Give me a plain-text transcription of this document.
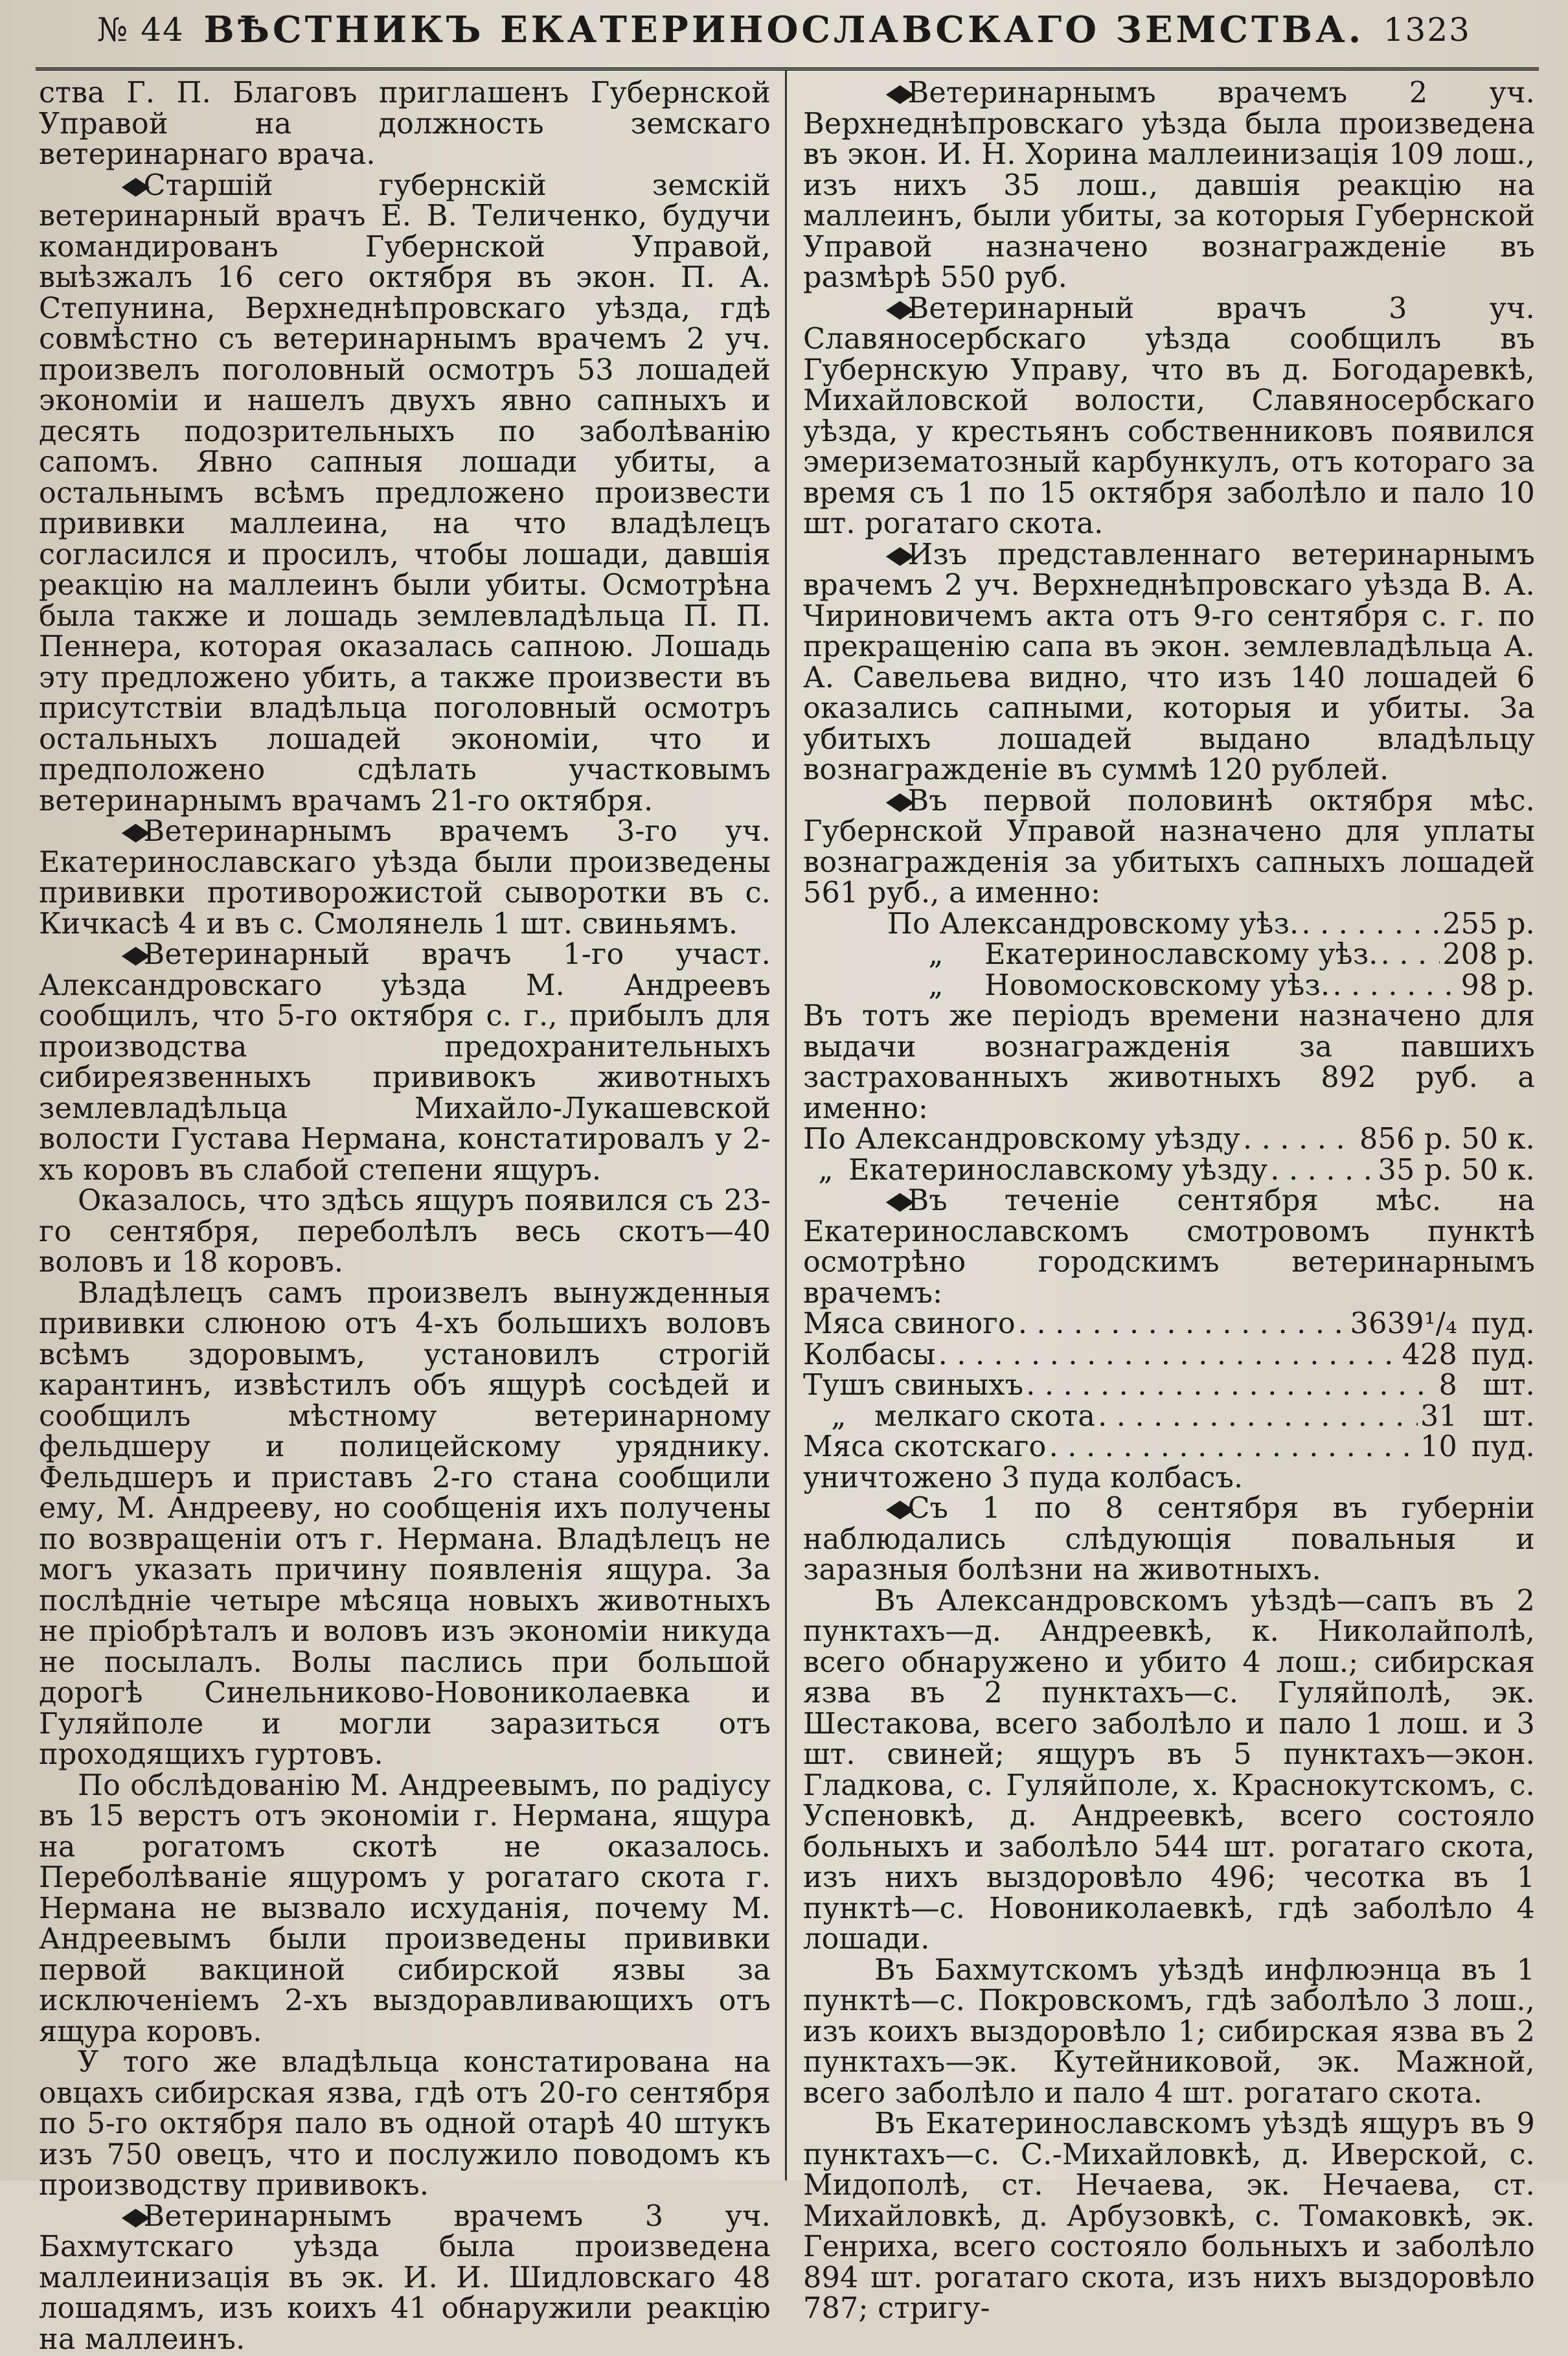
№ 44 ВѢСТНИКЪ ЕКАТЕРИНОСЛАВСКАГО ЗЕМСТВА. 1323

ства Г. П. Благовъ приглашенъ Губернской Управой на должность земскаго ветеринарнаго врача.

◆ Старшій губернскій земскій ветеринарный врачъ Е. В. Теличенко, будучи командированъ Губернской Управой, выѣзжалъ 16 сего октября въ экон. П. А. Степунина, Верхнеднѣпровскаго уѣзда, гдѣ совмѣстно съ ветеринарнымъ врачемъ 2 уч. произвелъ поголовный осмотръ 53 лошадей экономіи и нашелъ двухъ явно сапныхъ и десять подозрительныхъ по заболѣванію сапомъ. Явно сапныя лошади убиты, а остальнымъ всѣмъ предложено произвести прививки маллеина, на что владѣлецъ согласился и просилъ, чтобы лошади, давшія реакцію на маллеинъ были убиты. Осмотрѣна была также и лошадь землевладѣльца П. П. Пеннера, которая оказалась сапною. Лошадь эту предложено убить, а также произвести въ присутствіи владѣльца поголовный осмотръ остальныхъ лошадей экономіи, что и предположено сдѣлать участковымъ ветеринарнымъ врачамъ 21-го октября.

◆ Ветеринарнымъ врачемъ 3-го уч. Екатеринославскаго уѣзда были произведены прививки противорожистой сыворотки въ с. Кичкасѣ 4 и въ с. Смолянель 1 шт. свиньямъ.

◆ Ветеринарный врачъ 1-го участ. Александровскаго уѣзда М. Андреевъ сообщилъ, что 5-го октября с. г., прибылъ для производства предохранительныхъ сибиреязвенныхъ прививокъ животныхъ землевладѣльца Михайло-Лукашевской волости Густава Нермана, констатировалъ у 2-хъ коровъ въ слабой степени ящуръ.

Оказалось, что здѣсь ящуръ появился съ 23-го сентября, переболѣлъ весь скотъ—40 воловъ и 18 коровъ.

Владѣлецъ самъ произвелъ вынужденныя прививки слюною отъ 4-хъ большихъ воловъ всѣмъ здоровымъ, установилъ строгій карантинъ, извѣстилъ объ ящурѣ сосѣдей и сообщилъ мѣстному ветеринарному фельдшеру и полицейскому уряднику. Фельдшеръ и приставъ 2-го стана сообщили ему, М. Андрееву, но сообщенія ихъ получены по возвращеніи отъ г. Нермана. Владѣлецъ не могъ указать причину появленія ящура. За послѣдніе четыре мѣсяца новыхъ животныхъ не пріобрѣталъ и воловъ изъ экономіи никуда не посылалъ. Волы паслись при большой дорогѣ Синельниково-Новониколаевка и Гуляйполе и могли заразиться отъ проходящихъ гуртовъ.

По обслѣдованію М. Андреевымъ, по радіусу въ 15 верстъ отъ экономіи г. Нермана, ящура на рогатомъ скотѣ не оказалось. Переболѣваніе ящуромъ у рогатаго скота г. Нермана не вызвало исхуданія, почему М. Андреевымъ были произведены прививки первой вакциной сибирской язвы за исключеніемъ 2-хъ выздоравливающихъ отъ ящура коровъ.

У того же владѣльца констатирована на овцахъ сибирская язва, гдѣ отъ 20-го сентября по 5-го октября пало въ одной отарѣ 40 штукъ изъ 750 овецъ, что и послужило поводомъ къ производству прививокъ.

◆ Ветеринарнымъ врачемъ 3 уч. Бахмутскаго уѣзда была произведена маллеинизація въ эк. И. И. Шидловскаго 48 лошадямъ, изъ коихъ 41 обнаружили реакцію на маллеинъ.

◆ Ветеринарнымъ врачемъ 2 уч. Верхнеднѣпровскаго уѣзда была произведена въ экон. И. Н. Хорина маллеинизація 109 лош., изъ нихъ 35 лош., давшія реакцію на маллеинъ, были убиты, за которыя Губернской Управой назначено вознагражденіе въ размѣрѣ 550 руб.

◆ Ветеринарный врачъ 3 уч. Славяносербскаго уѣзда сообщилъ въ Губернскую Управу, что въ д. Богодаревкѣ, Михайловской волости, Славяносербскаго уѣзда, у крестьянъ собственниковъ появился эмеризематозный карбункулъ, отъ котораго за время съ 1 по 15 октября заболѣло и пало 10 шт. рогатаго скота.

◆ Изъ представленнаго ветеринарнымъ врачемъ 2 уч. Верхнеднѣпровскаго уѣзда В. А. Чириновичемъ акта отъ 9-го сентября с. г. по прекращенію сапа въ экон. землевладѣльца А. А. Савельева видно, что изъ 140 лошадей 6 оказались сапными, которыя и убиты. За убитыхъ лошадей выдано владѣльцу вознагражденіе въ суммѣ 120 рублей.

◆ Въ первой половинѣ октября мѣс. Губернской Управой назначено для уплаты вознагражденія за убитыхъ сапныхъ лошадей 561 руб., а именно:

По Александровскому уѣз. . . .	255 р.
„ Екатеринославскому уѣз. . . . 208 р.
„ Новомосковскому уѣз. . . .	98 р.

Въ тотъ же періодъ времени назначено для выдачи вознагражденія за павшихъ застрахованныхъ животныхъ 892 руб. а именно:

По Александровскому уѣзду . . .	856 р. 50 к.
„ Екатеринославскому уѣзду . . .	35 р. 50 к.

◆ Въ теченіе сентября мѣс. на Екатеринославскомъ смотровомъ пунктѣ осмотрѣно городскимъ ветеринарнымъ врачемъ:

Мяса свиного . . .	3639¹/₄ пуд.
Колбасы . . .	428 пуд.
Тушъ свиныхъ . . .	8 шт.
„ мелкаго скота . . .	31 шт.
Мяса скотскаго . . .	10 пуд.

уничтожено 3 пуда колбасъ.

◆ Съ 1 по 8 сентября въ губерніи наблюдались слѣдующія повальныя и заразныя болѣзни на животныхъ.

Въ Александровскомъ уѣздѣ—сапъ въ 2 пунктахъ—д. Андреевкѣ, к. Николайполѣ, всего обнаружено и убито 4 лош.; сибирская язва въ 2 пунктахъ—с. Гуляйполѣ, эк. Шестакова, всего заболѣло и пало 1 лош. и 3 шт. свиней; ящуръ въ 5 пунктахъ—экон. Гладкова, с. Гуляйполе, х. Краснокутскомъ, с. Успеновкѣ, д. Андреевкѣ, всего состояло больныхъ и заболѣло 544 шт. рогатаго скота, изъ нихъ выздоровѣло 496; чесотка въ 1 пунктѣ—с. Новониколаевкѣ, гдѣ заболѣло 4 лошади.

Въ Бахмутскомъ уѣздѣ инфлюэнца въ 1 пунктѣ—с. Покровскомъ, гдѣ заболѣло 3 лош., изъ коихъ выздоровѣло 1; сибирская язва въ 2 пунктахъ—эк. Кутейниковой, эк. Мажной, всего заболѣло и пало 4 шт. рогатаго скота.

Въ Екатеринославскомъ уѣздѣ ящуръ въ 9 пунктахъ—с. С.-Михайловкѣ, д. Иверской, с. Мидополѣ, ст. Нечаева, эк. Нечаева, ст. Михайловкѣ, д. Арбузовкѣ, с. Томаковкѣ, эк. Генриха, всего состояло больныхъ и заболѣло 894 шт. рогатаго скота, изъ нихъ выздоровѣло 787; стригу-
